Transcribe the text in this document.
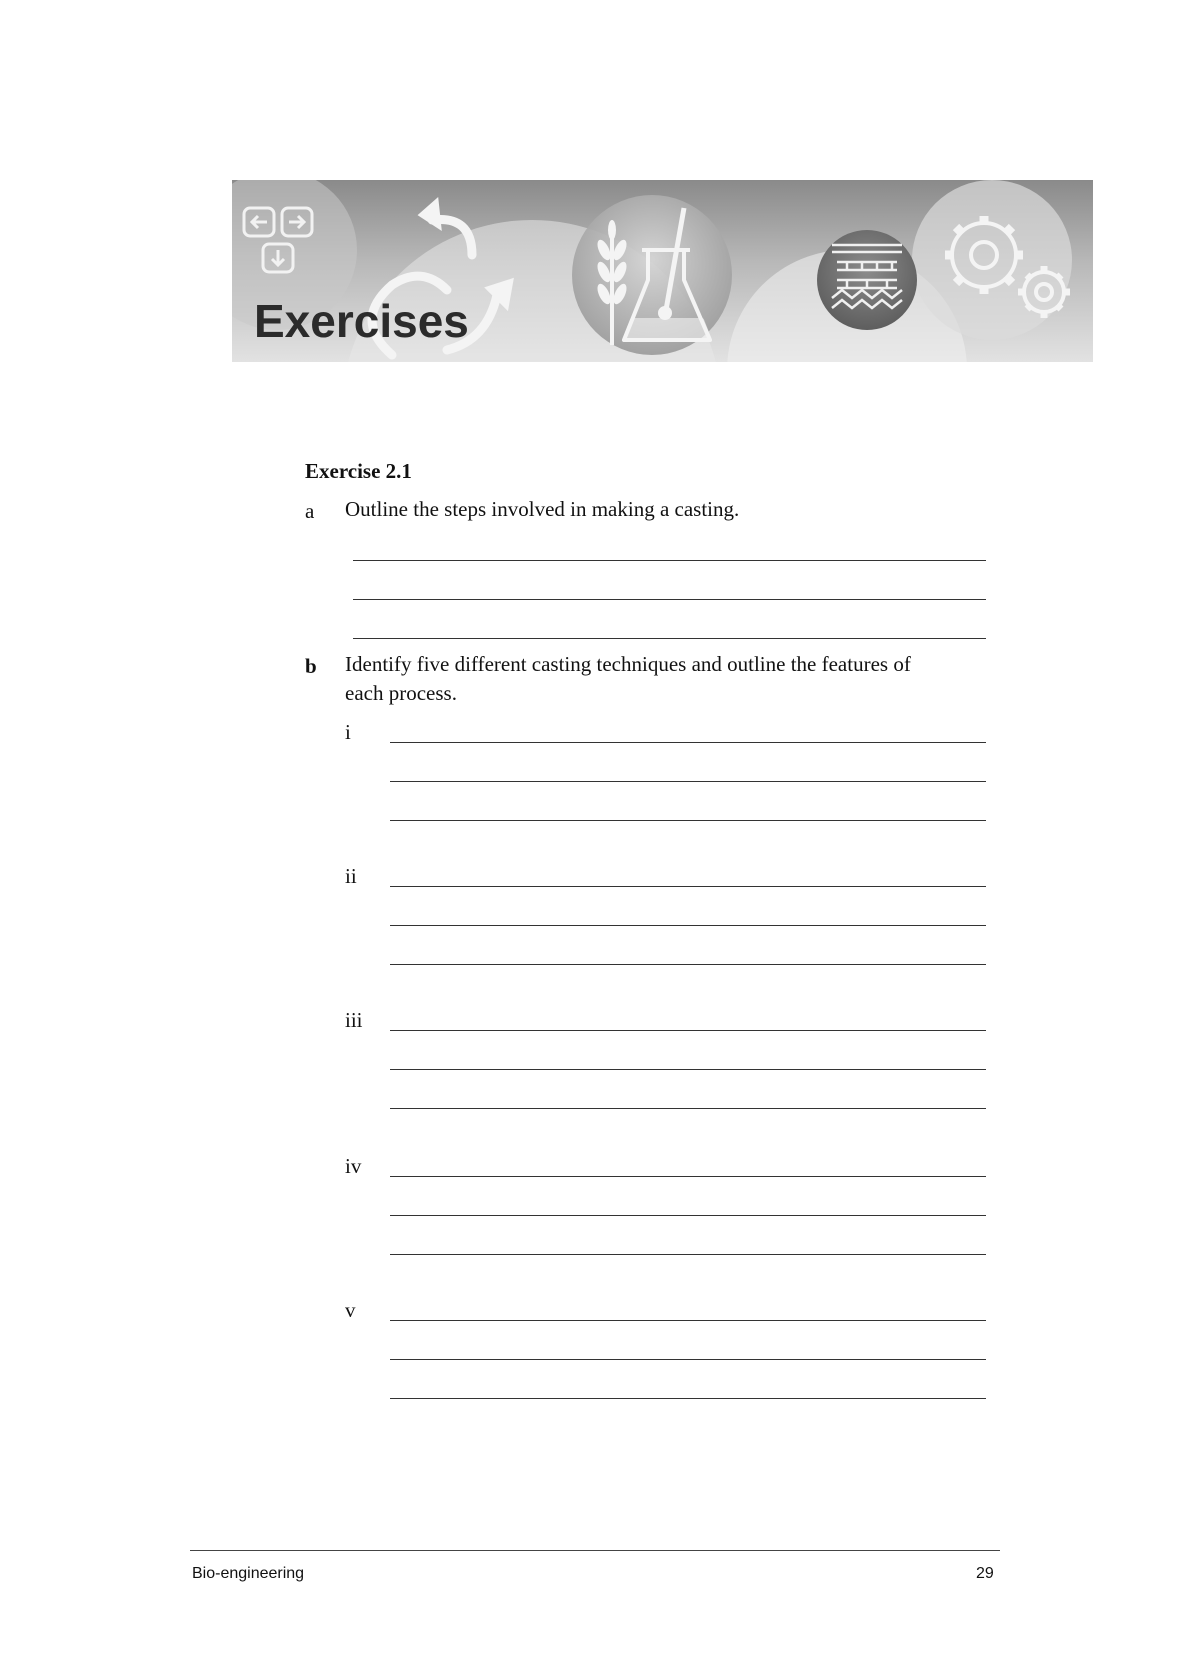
Exercises
Exercise 2.1
a Outline the steps involved in making a casting.
b Identify five different casting techniques and outline the features of
each process.
i
ii
iii
iv
v
Bio-engineering	29
